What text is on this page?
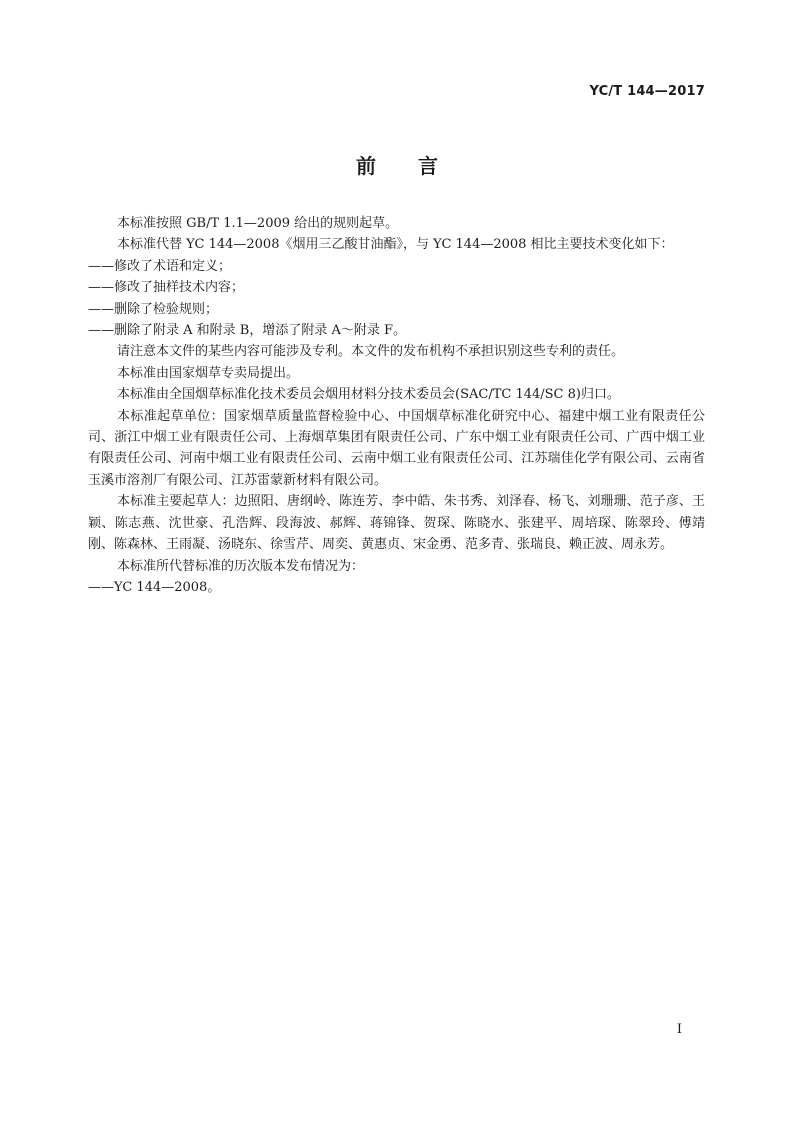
YC/T 144—2017
前 言

本标准按照 GB/T 1.1—2009 给出的规则起草。

本标准代替 YC 144—2008《烟用三乙酸甘油酯》，与 YC 144—2008 相比主要技术变化如下：

——修改了术语和定义；

——修改了抽样技术内容；

——删除了检验规则；

——删除了附录 A 和附录 B，增添了附录 A～附录 F。

请注意本文件的某些内容可能涉及专利。本文件的发布机构不承担识别这些专利的责任。

本标准由国家烟草专卖局提出。

本标准由全国烟草标准化技术委员会烟用材料分技术委员会(SAC/TC 144/SC 8)归口。

本标准起草单位：国家烟草质量监督检验中心、中国烟草标准化研究中心、福建中烟工业有限责任公司、浙江中烟工业有限责任公司、上海烟草集团有限责任公司、广东中烟工业有限责任公司、广西中烟工业有限责任公司、河南中烟工业有限责任公司、云南中烟工业有限责任公司、江苏瑞佳化学有限公司、云南省玉溪市溶剂厂有限公司、江苏雷蒙新材料有限公司。

本标准主要起草人：边照阳、唐纲岭、陈连芳、李中皓、朱书秀、刘泽春、杨飞、刘珊珊、范子彦、王颖、陈志燕、沈世豪、孔浩辉、段海波、郝辉、蒋锦锋、贺琛、陈晓水、张建平、周培琛、陈翠玲、傅靖刚、陈森林、王雨凝、汤晓东、徐雪芹、周奕、黄惠贞、宋金勇、范多青、张瑞良、赖正波、周永芳。

本标准所代替标准的历次版本发布情况为：

——YC 144—2008。

I
